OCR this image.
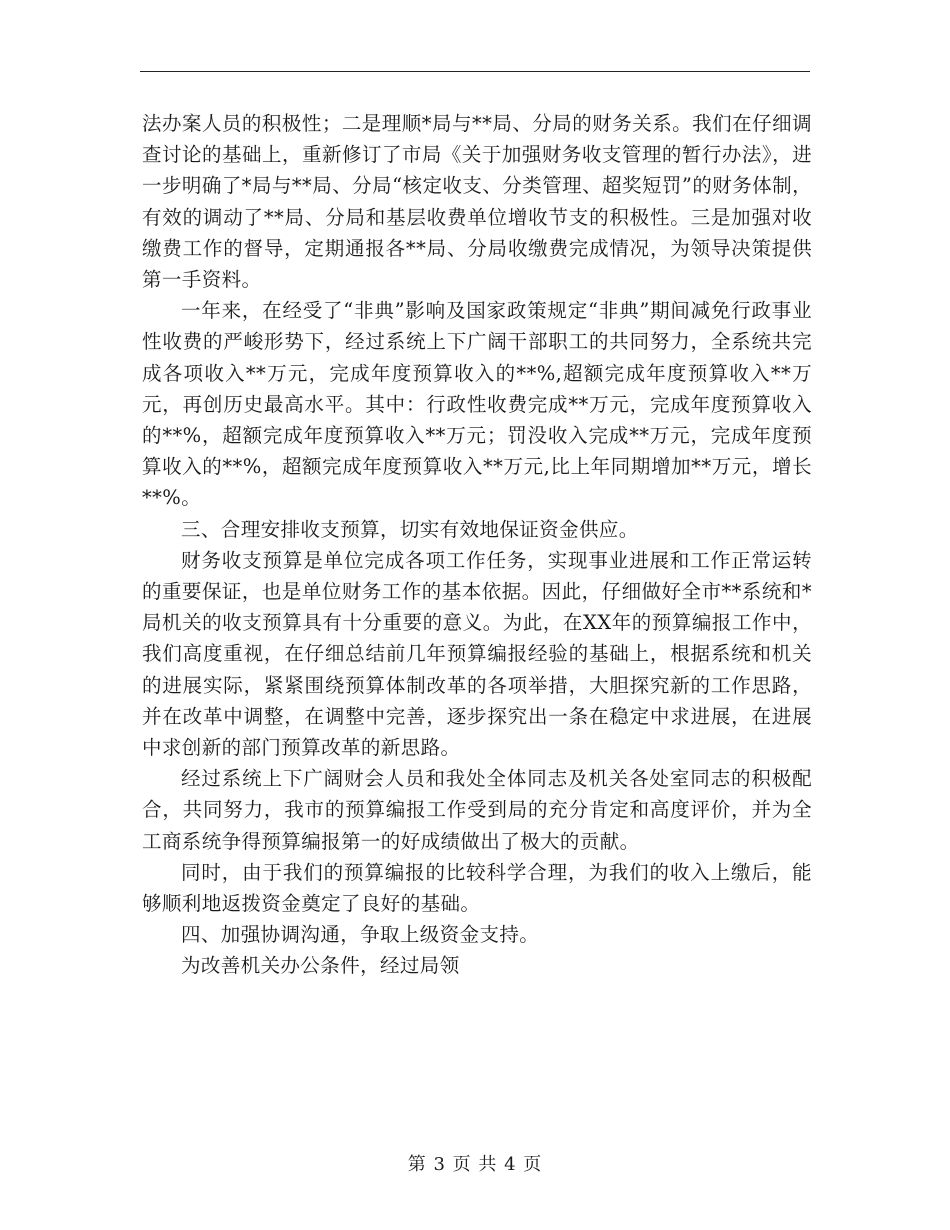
法办案人员的积极性；二是理顺*局与**局、分局的财务关系。我们在仔细调查讨论的基础上，重新修订了市局《关于加强财务收支管理的暂行办法》，进一步明确了*局与**局、分局“核定收支、分类管理、超奖短罚”的财务体制，有效的调动了**局、分局和基层收费单位增收节支的积极性。三是加强对收缴费工作的督导，定期通报各**局、分局收缴费完成情况，为领导决策提供第一手资料。

一年来，在经受了“非典”影响及国家政策规定“非典”期间减免行政事业性收费的严峻形势下，经过系统上下广阔干部职工的共同努力，全系统共完成各项收入**万元，完成年度预算收入的**%,超额完成年度预算收入**万元，再创历史最高水平。其中：行政性收费完成**万元，完成年度预算收入的**%，超额完成年度预算收入**万元；罚没收入完成**万元，完成年度预算收入的**%，超额完成年度预算收入**万元,比上年同期增加**万元，增长**%。

三、合理安排收支预算，切实有效地保证资金供应。

财务收支预算是单位完成各项工作任务，实现事业进展和工作正常运转的重要保证，也是单位财务工作的基本依据。因此，仔细做好全市**系统和*局机关的收支预算具有十分重要的意义。为此，在XX年的预算编报工作中，我们高度重视，在仔细总结前几年预算编报经验的基础上，根据系统和机关的进展实际，紧紧围绕预算体制改革的各项举措，大胆探究新的工作思路，并在改革中调整，在调整中完善，逐步探究出一条在稳定中求进展，在进展中求创新的部门预算改革的新思路。

经过系统上下广阔财会人员和我处全体同志及机关各处室同志的积极配合，共同努力，我市的预算编报工作受到局的充分肯定和高度评价，并为全工商系统争得预算编报第一的好成绩做出了极大的贡献。

同时，由于我们的预算编报的比较科学合理，为我们的收入上缴后，能够顺利地返拨资金奠定了良好的基础。

四、加强协调沟通，争取上级资金支持。

为改善机关办公条件，经过局领

第 3 页 共 4 页
